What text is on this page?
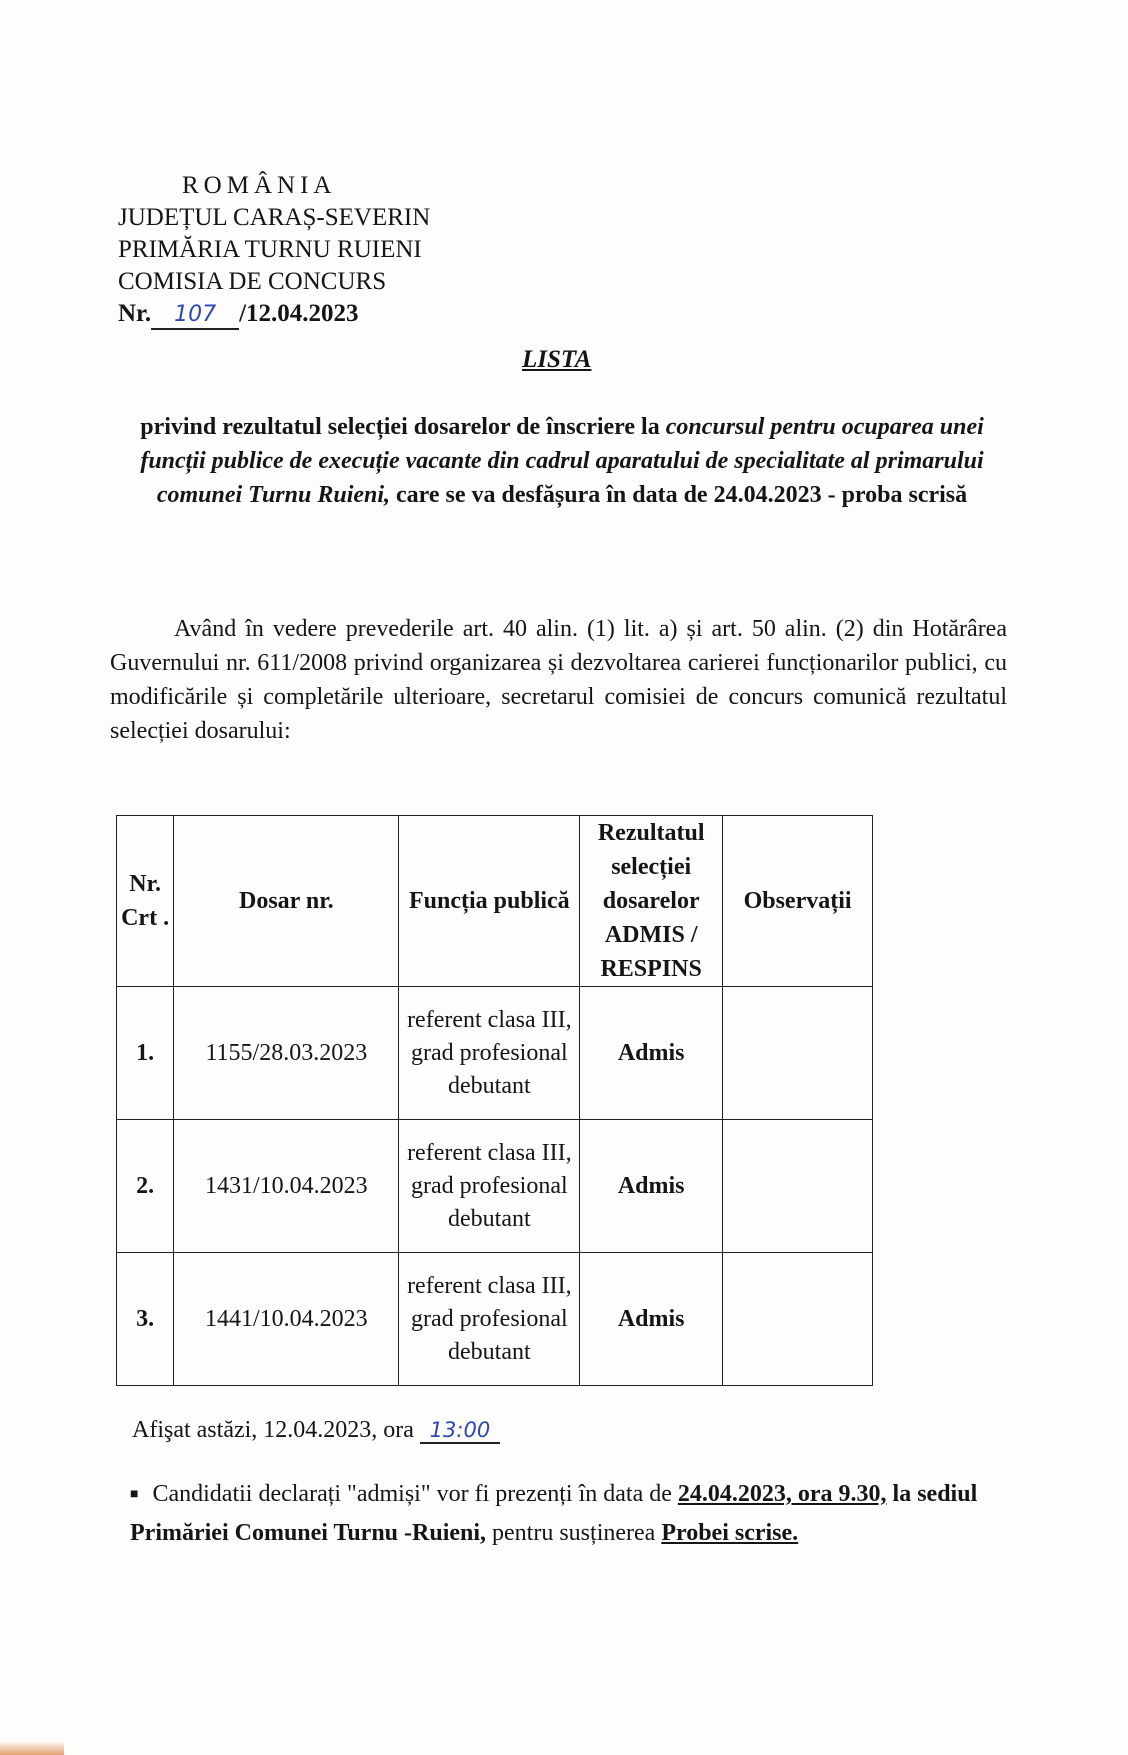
ROMÂNIA
JUDEȚUL CARAȘ-SEVERIN
PRIMĂRIA TURNU RUIENI
COMISIA DE CONCURS
Nr. 107 /12.04.2023
LISTA
privind rezultatul selecției dosarelor de înscriere la concursul pentru ocuparea unei funcții publice de execuție vacante din cadrul aparatului de specialitate al primarului comunei Turnu Ruieni, care se va desfășura în data de 24.04.2023 - proba scrisă
Având în vedere prevederile art. 40 alin. (1) lit. a) și art. 50 alin. (2) din Hotărârea Guvernului nr. 611/2008 privind organizarea și dezvoltarea carierei funcționarilor publici, cu modificările și completările ulterioare, secretarul comisiei de concurs comunică rezultatul selecției dosarului:
Nr. Crt .	Dosar nr.	Funcția publică	Rezultatul selecției dosarelor ADMIS / RESPINS	Observații
1.	1155/28.03.2023	referent clasa III, grad profesional debutant	Admis	
2.	1431/10.04.2023	referent clasa III, grad profesional debutant	Admis	
3.	1441/10.04.2023	referent clasa III, grad profesional debutant	Admis	
Afişat astăzi, 12.04.2023, ora 13:00
■ Candidatii declarați "admiși" vor fi prezenți în data de 24.04.2023, ora 9.30, la sediul Primăriei Comunei Turnu -Ruieni, pentru susținerea Probei scrise.
